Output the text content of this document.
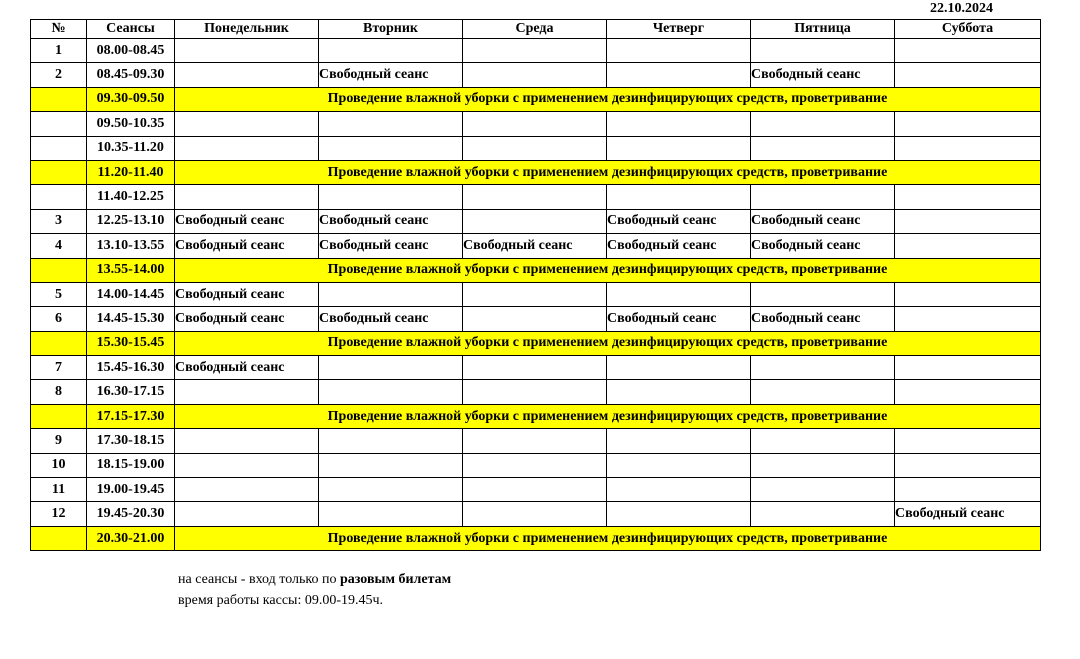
22.10.2024
№	Сеансы	Понедельник	Вторник	Среда	Четверг	Пятница	Суббота
1	08.00-08.45						
2	08.45-09.30		Свободный сеанс			Свободный сеанс	
	09.30-09.50	Проведение влажной уборки с применением дезинфицирующих средств, проветривание					
	09.50-10.35						
	10.35-11.20						
	11.20-11.40	Проведение влажной уборки с применением дезинфицирующих средств, проветривание					
	11.40-12.25						
3	12.25-13.10	Свободный сеанс	Свободный сеанс		Свободный сеанс	Свободный сеанс	
4	13.10-13.55	Свободный сеанс	Свободный сеанс	Свободный сеанс	Свободный сеанс	Свободный сеанс	
	13.55-14.00	Проведение влажной уборки с применением дезинфицирующих средств, проветривание					
5	14.00-14.45	Свободный сеанс					
6	14.45-15.30	Свободный сеанс	Свободный сеанс		Свободный сеанс	Свободный сеанс	
	15.30-15.45	Проведение влажной уборки с применением дезинфицирующих средств, проветривание					
7	15.45-16.30	Свободный сеанс					
8	16.30-17.15						
	17.15-17.30	Проведение влажной уборки с применением дезинфицирующих средств, проветривание					
9	17.30-18.15						
10	18.15-19.00						
11	19.00-19.45						
12	19.45-20.30						Свободный сеанс
	20.30-21.00	Проведение влажной уборки с применением дезинфицирующих средств, проветривание					
на сеансы - вход только по разовым билетам
время работы кассы: 09.00-19.45ч.
